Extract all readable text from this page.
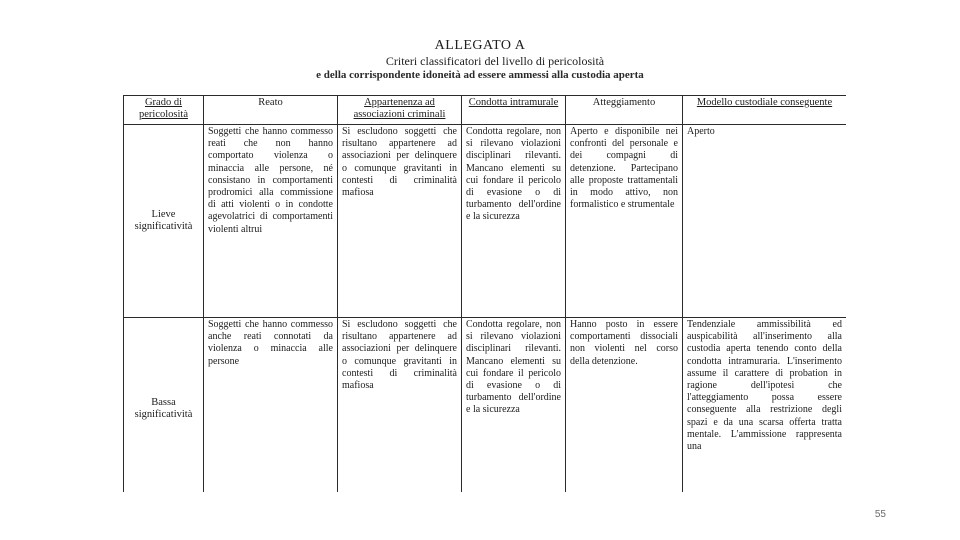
ALLEGATO A
Criteri classificatori del livello di pericolosità
e della corrispondente idoneità ad essere ammessi alla custodia aperta
Grado di pericolosità	Reato	Appartenenza ad associazioni criminali	Condotta intramurale	Atteggiamento	Modello custodiale conseguente
Lieve significatività	Soggetti che hanno commesso reati che non hanno comportato violenza o minaccia alle persone, né consistano in comportamenti prodromici alla commissione di atti violenti o in condotte agevolatrici di comportamenti violenti altrui	Si escludono soggetti che risultano appartenere ad associazioni per delinquere o comunque gravitanti in contesti di criminalità mafiosa	Condotta regolare, non si rilevano violazioni disciplinari rilevanti. Mancano elementi su cui fondare il pericolo di evasione o di turbamento dell'ordine e la sicurezza	Aperto e disponibile nei confronti del personale e dei compagni di detenzione. Partecipano alle proposte trattamentali in modo attivo, non formalistico e strumentale	Aperto
Bassa significatività	Soggetti che hanno commesso anche reati connotati da violenza o minaccia alle persone	Si escludono soggetti che risultano appartenere ad associazioni per delinquere o comunque gravitanti in contesti di criminalità mafiosa	Condotta regolare, non si rilevano violazioni disciplinari rilevanti. Mancano elementi su cui fondare il pericolo di evasione o di turbamento dell'ordine e la sicurezza	Hanno posto in essere comportamenti dissociali non violenti nel corso della detenzione.	Tendenziale ammissibilità ed auspicabilità all'inserimento alla custodia aperta tenendo conto della condotta intramuraria. L'inserimento assume il carattere di probation in ragione dell'ipotesi che l'atteggiamento possa essere conseguente alla restrizione degli spazi e da una scarsa offerta tratta mentale. L'ammissione rappresenta una
55
